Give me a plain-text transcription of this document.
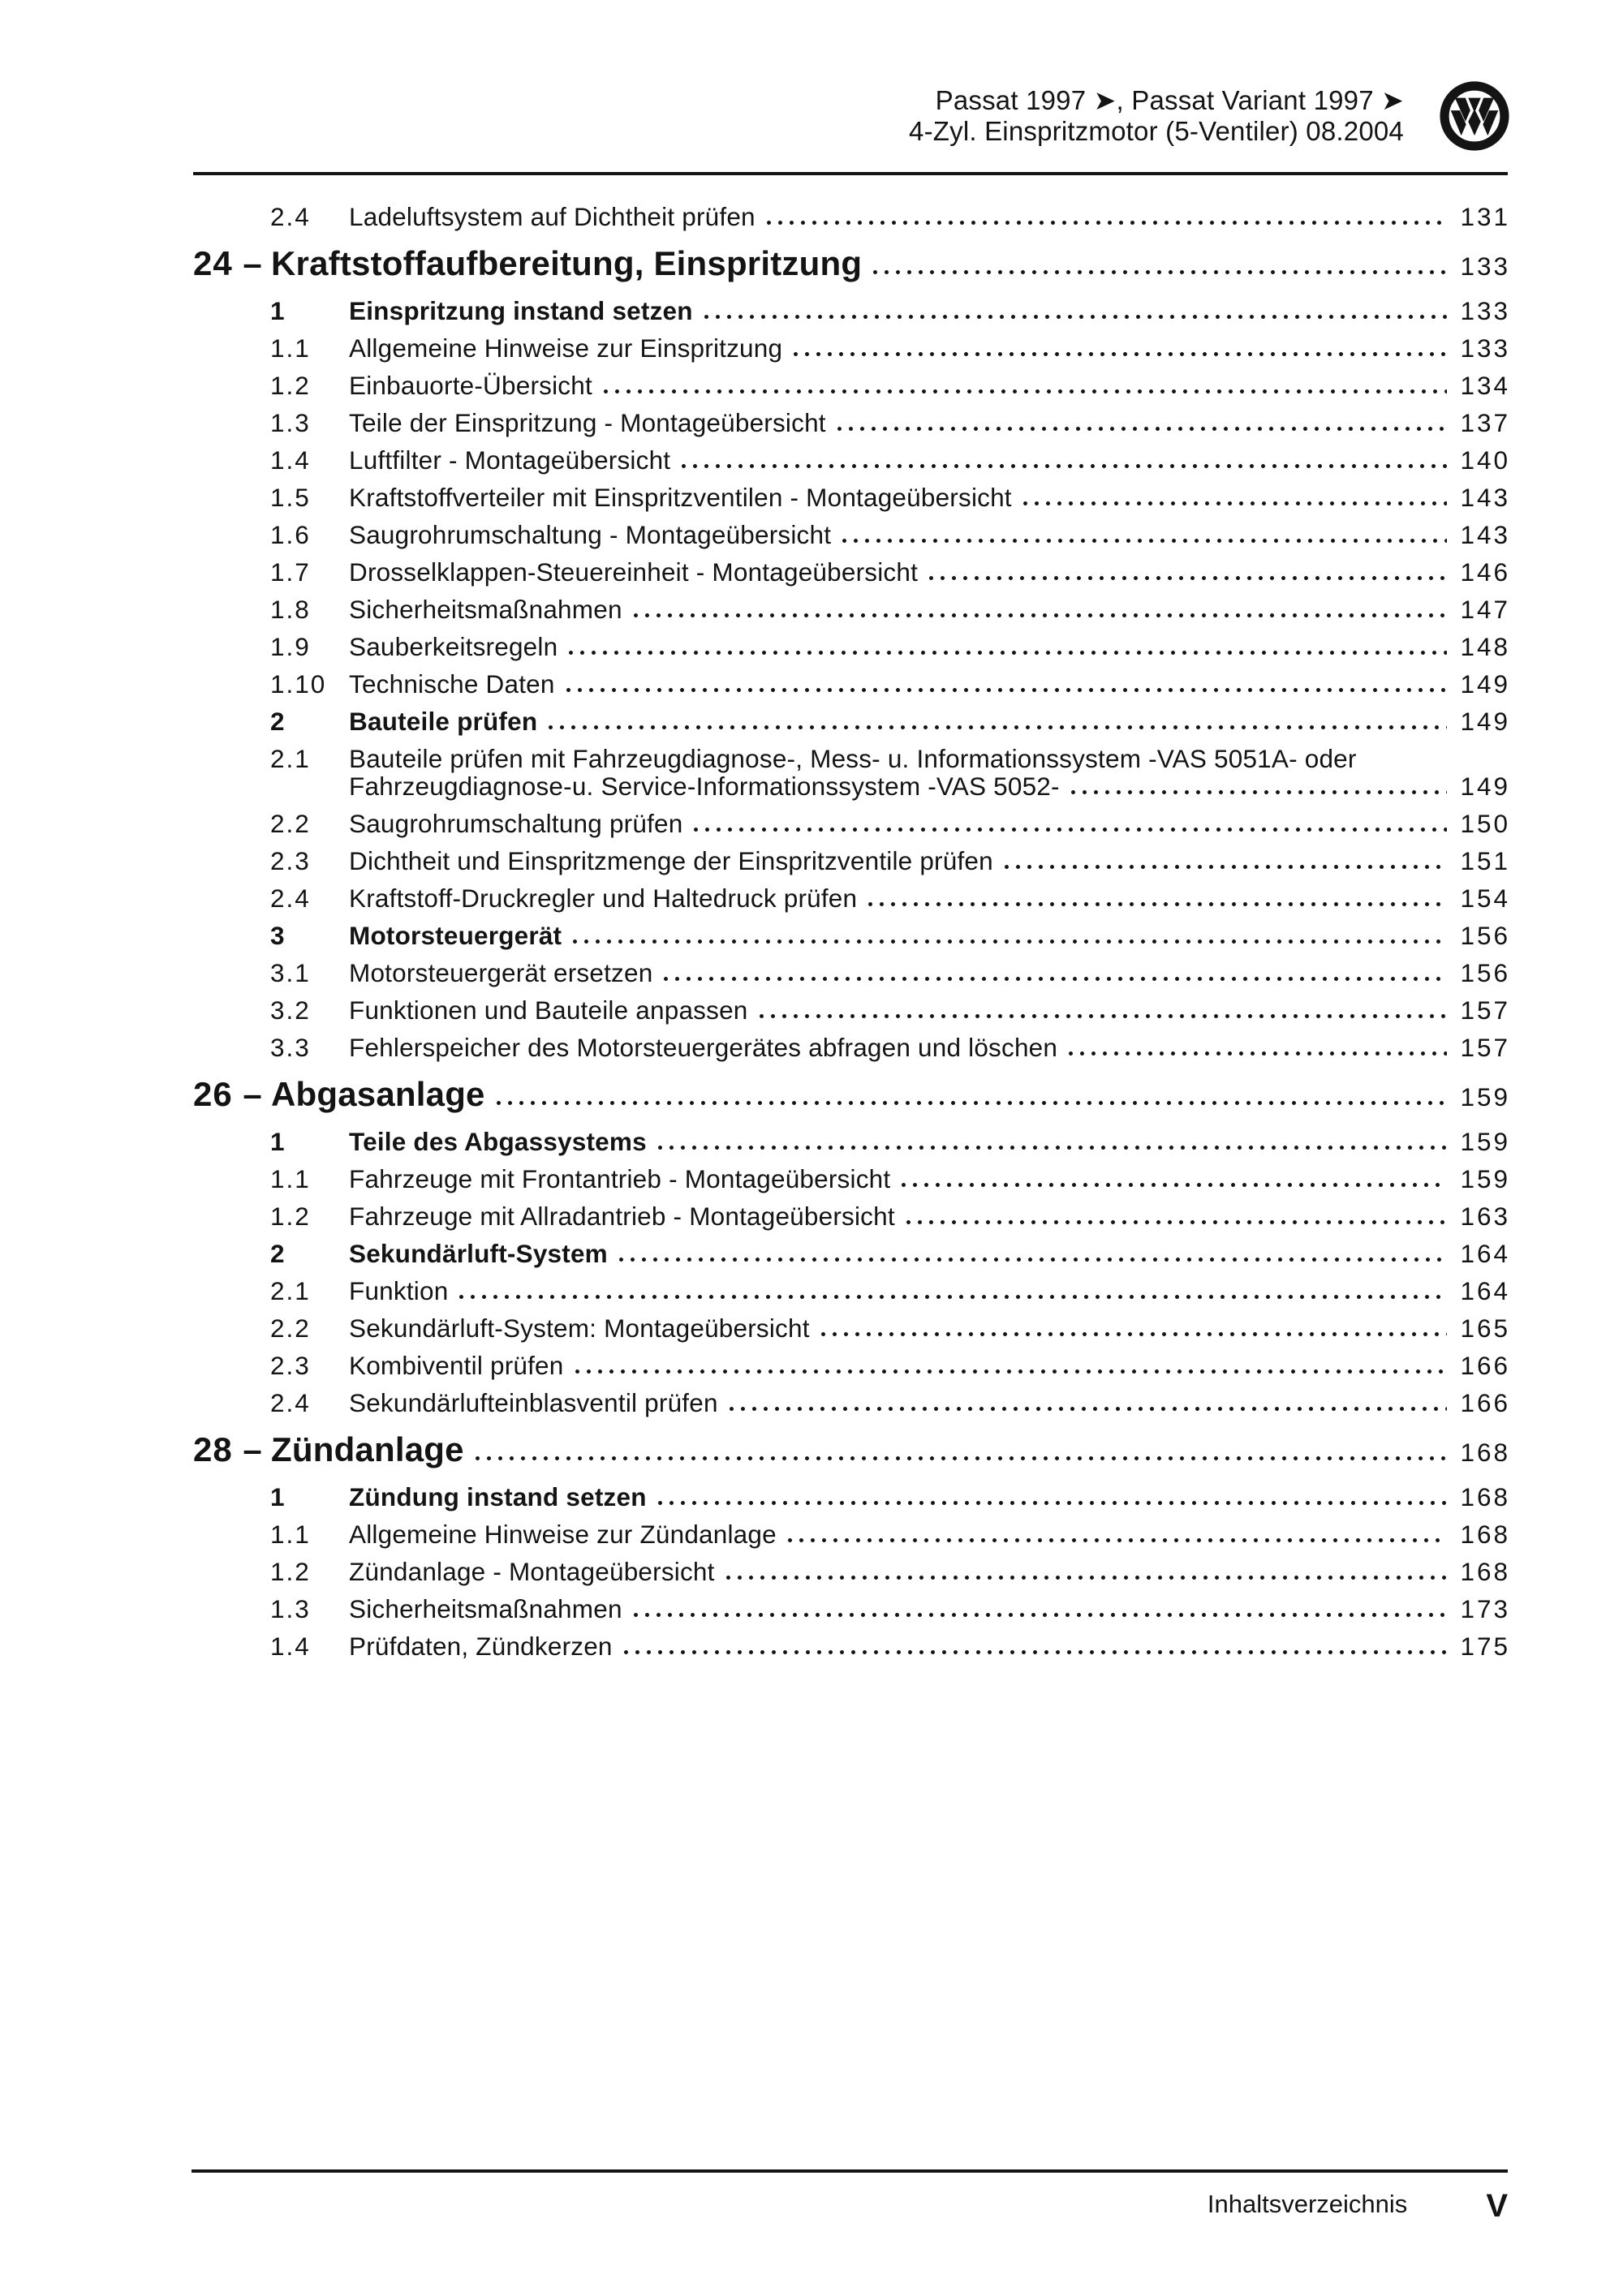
Passat 1997 ➤, Passat Variant 1997 ➤
4-Zyl. Einspritzmotor (5-Ventiler) 08.2004
2.4	Ladeluftsystem auf Dichtheit prüfen	131
24 – Kraftstoffaufbereitung, Einspritzung	133
1	Einspritzung instand setzen	133
1.1	Allgemeine Hinweise zur Einspritzung	133
1.2	Einbauorte-Übersicht	134
1.3	Teile der Einspritzung - Montageübersicht	137
1.4	Luftfilter - Montageübersicht	140
1.5	Kraftstoffverteiler mit Einspritzventilen - Montageübersicht	143
1.6	Saugrohrumschaltung - Montageübersicht	143
1.7	Drosselklappen-Steuereinheit - Montageübersicht	146
1.8	Sicherheitsmaßnahmen	147
1.9	Sauberkeitsregeln	148
1.10 Technische Daten	149
2	Bauteile prüfen	149
2.1	Bauteile prüfen mit Fahrzeugdiagnose-, Mess- u. Informationssystem -VAS 5051A- oder
Fahrzeugdiagnose-u. Service-Informationssystem -VAS 5052-	149
2.2	Saugrohrumschaltung prüfen	150
2.3	Dichtheit und Einspritzmenge der Einspritzventile prüfen	151
2.4	Kraftstoff-Druckregler und Haltedruck prüfen	154
3	Motorsteuergerät	156
3.1	Motorsteuergerät ersetzen	156
3.2	Funktionen und Bauteile anpassen	157
3.3	Fehlerspeicher des Motorsteuergerätes abfragen und löschen	157
26 – Abgasanlage	159
1	Teile des Abgassystems	159
1.1	Fahrzeuge mit Frontantrieb - Montageübersicht	159
1.2	Fahrzeuge mit Allradantrieb - Montageübersicht	163
2	Sekundärluft-System	164
2.1	Funktion	164
2.2	Sekundärluft-System: Montageübersicht	165
2.3	Kombiventil prüfen	166
2.4	Sekundärlufteinblasventil prüfen	166
28 – Zündanlage	168
1	Zündung instand setzen	168
1.1	Allgemeine Hinweise zur Zündanlage	168
1.2	Zündanlage - Montageübersicht	168
1.3	Sicherheitsmaßnahmen	173
1.4	Prüfdaten, Zündkerzen	175
Inhaltsverzeichnis V
